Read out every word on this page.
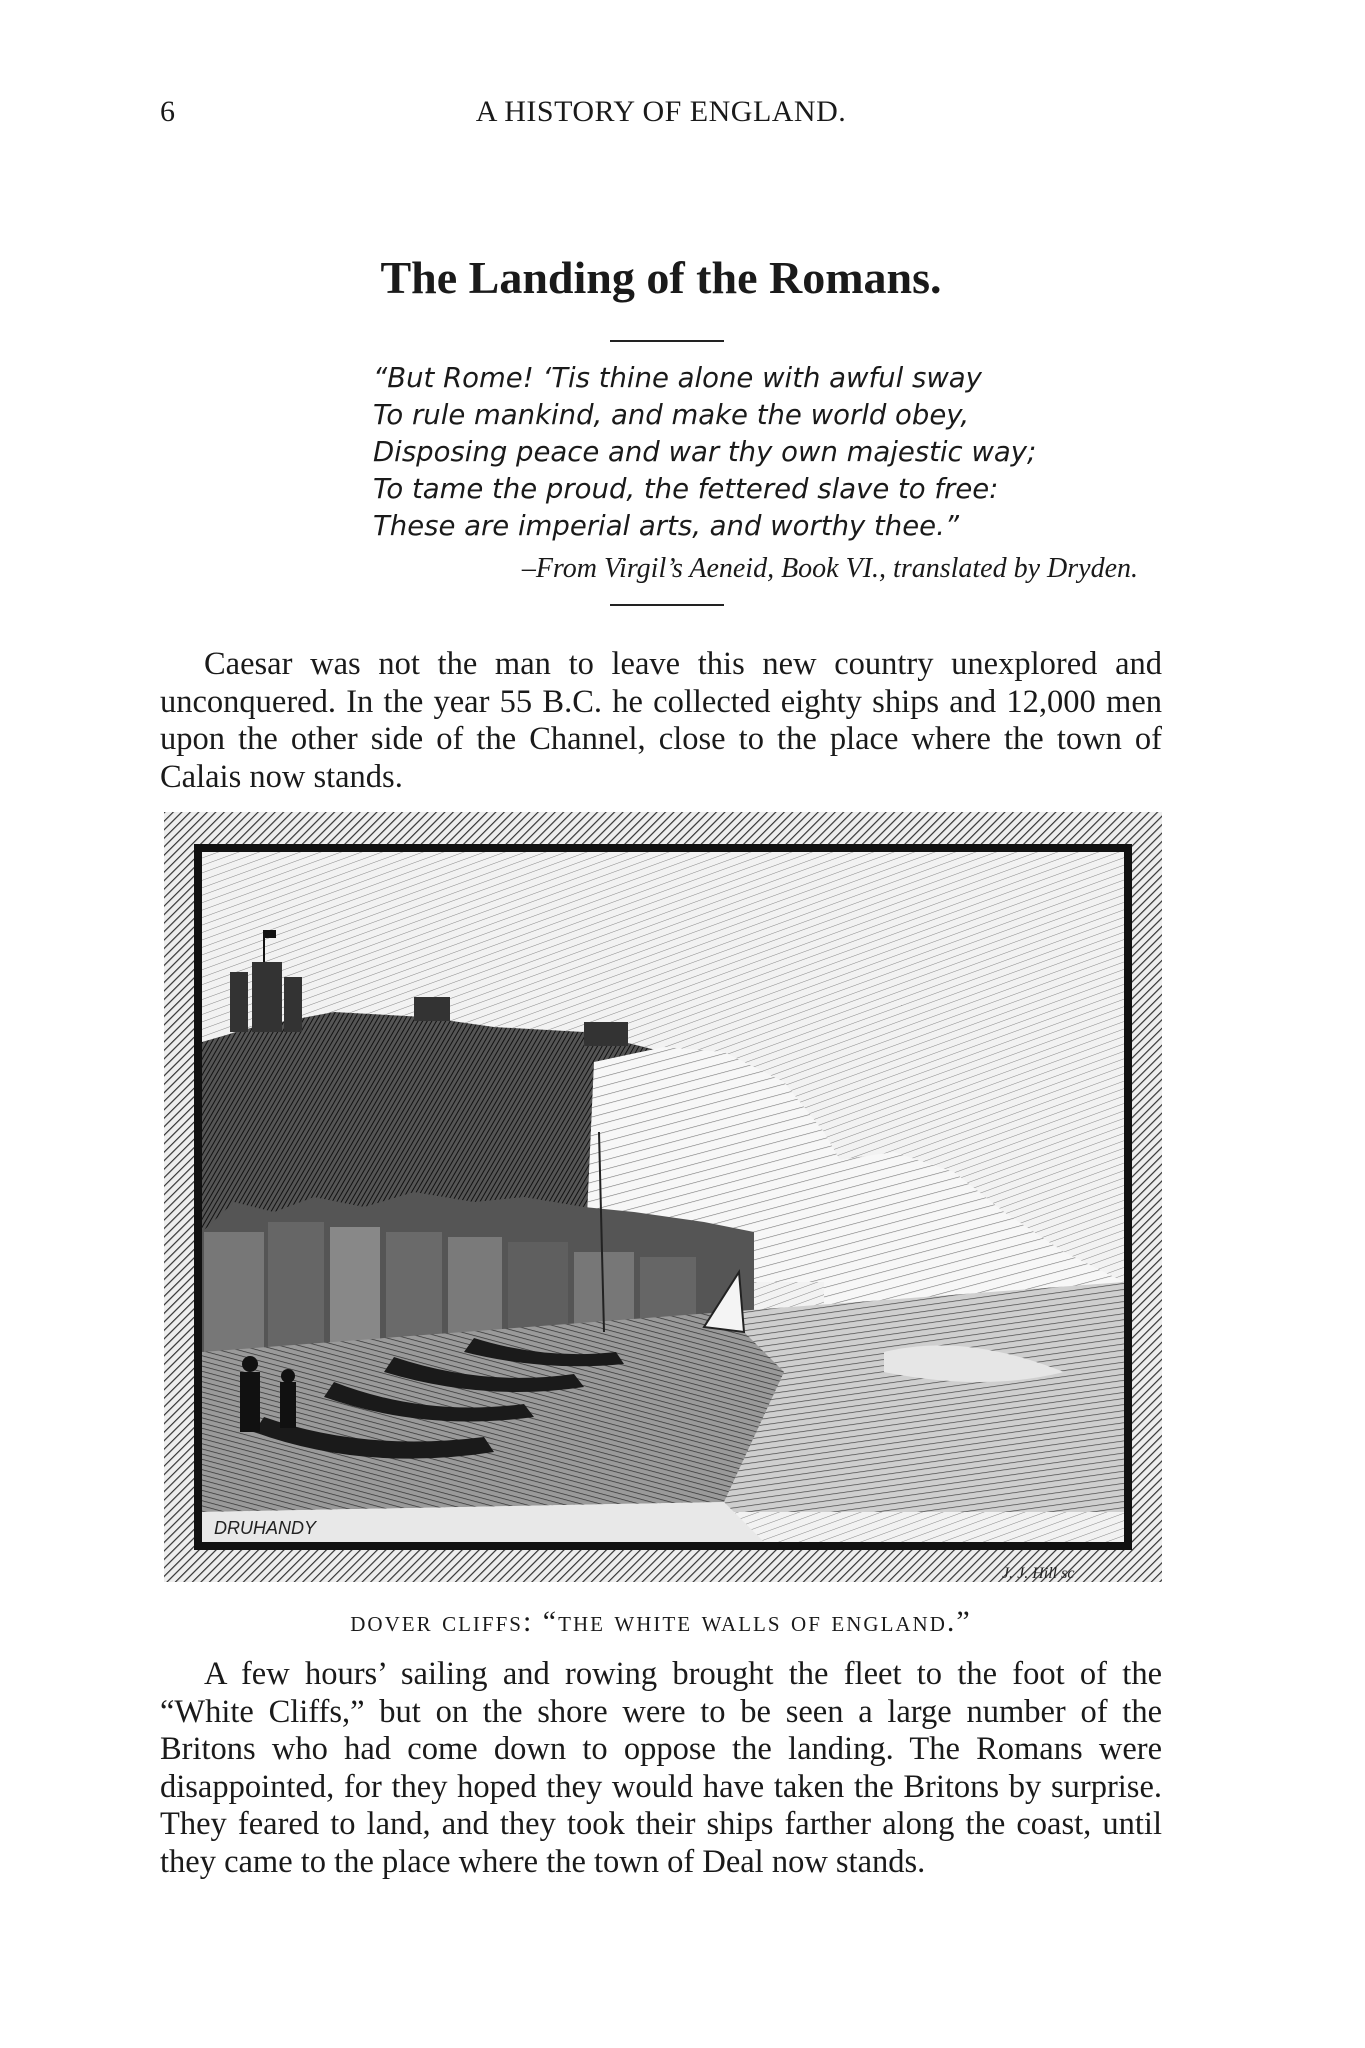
6	A HISTORY OF ENGLAND.
The Landing of the Romans.
“But Rome! ‘Tis thine alone with awful sway
To rule mankind, and make the world obey,
Disposing peace and war thy own majestic way;
To tame the proud, the fettered slave to free:
These are imperial arts, and worthy thee.”
–From Virgil’s Aeneid, Book VI., translated by Dryden.

Caesar was not the man to leave this new country unexplored and unconquered. In the year 55 B.C. he collected eighty ships and 12,000 men upon the other side of the Channel, close to the place where the town of Calais now stands.

DRUHANDY
J. J. Hill sc
dover cliffs: “the white walls of england.”

A few hours’ sailing and rowing brought the fleet to the foot of the “White Cliffs,” but on the shore were to be seen a large number of the Britons who had come down to oppose the landing. The Romans were disappointed, for they hoped they would have taken the Britons by surprise. They feared to land, and they took their ships farther along the coast, until they came to the place where the town of Deal now stands.
